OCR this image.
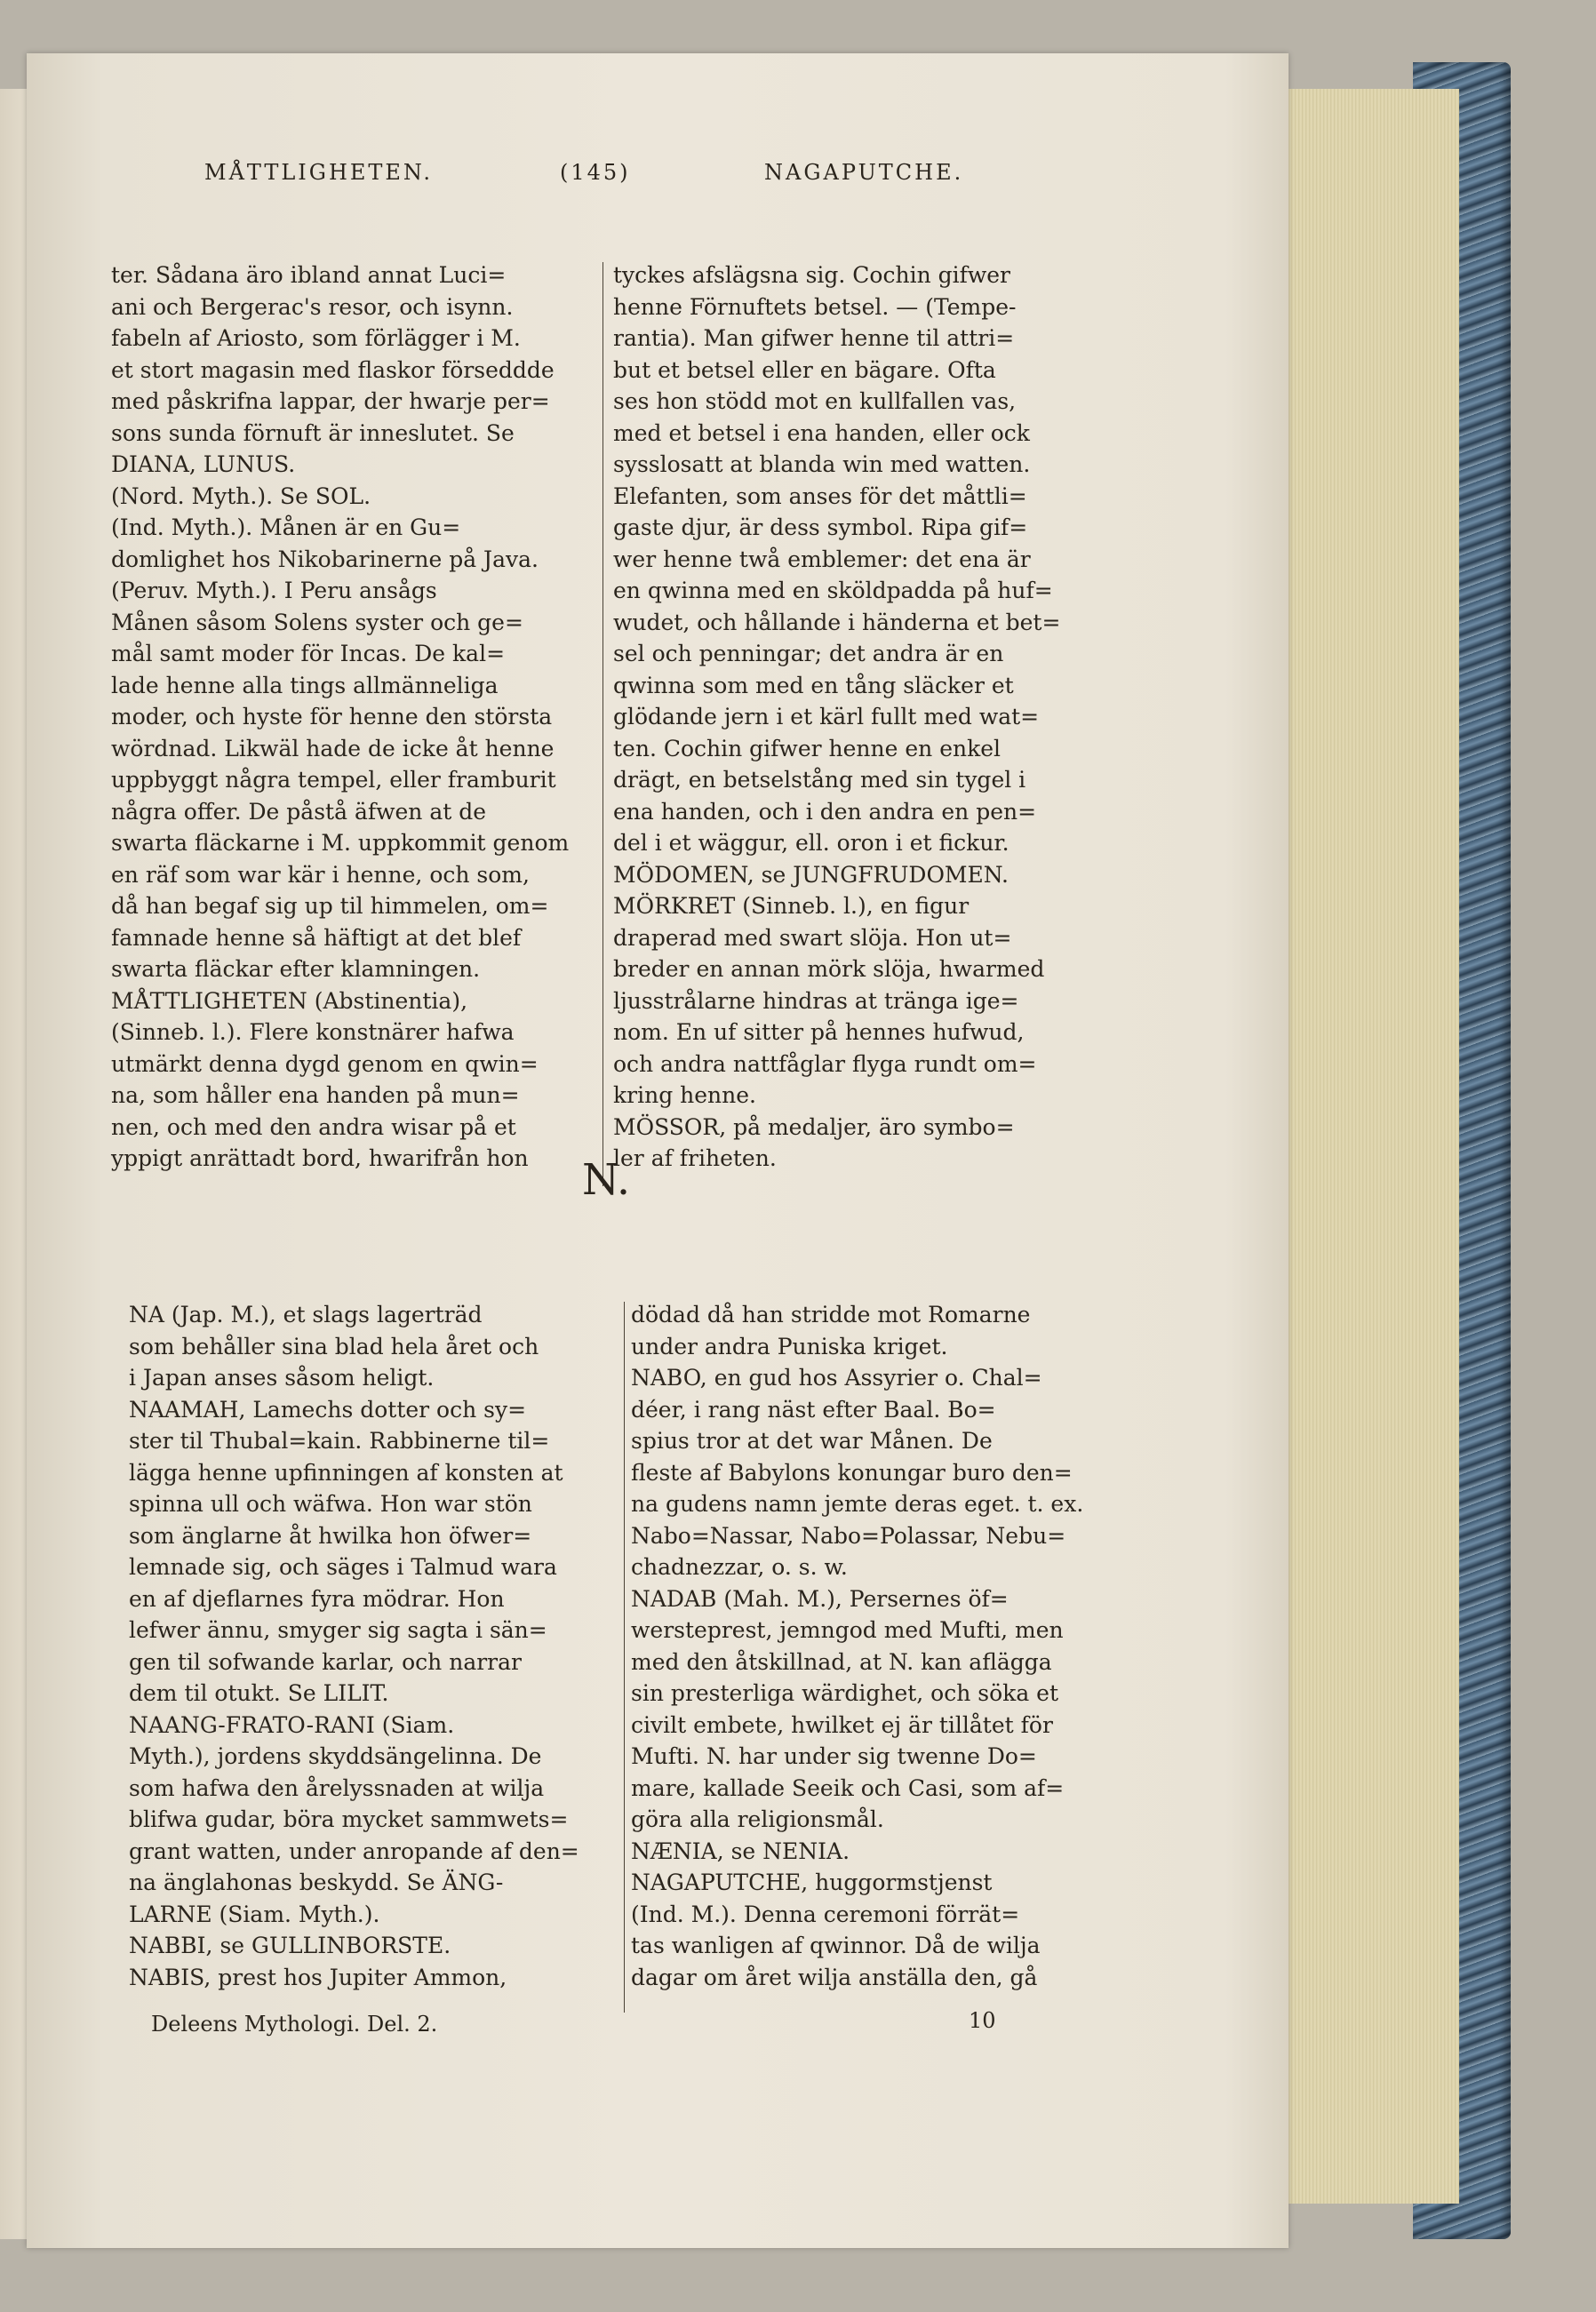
MÅTTLIGHETEN.	(145)	NAGAPUTCHE.

ter. Sådana äro ibland annat Luci=

ani och Bergerac's resor, och isynn.

fabeln af Ariosto, som förlägger i M.

et stort magasin med flaskor förseddde

med påskrifna lappar, der hwarje per=

sons sunda förnuft är inneslutet. Se

DIANA, LUNUS.

(Nord. Myth.). Se SOL.

(Ind. Myth.). Månen är en Gu=

domlighet hos Nikobarinerne på Java.

(Peruv. Myth.). I Peru ansågs

Månen såsom Solens syster och ge=

mål samt moder för Incas. De kal=

lade henne alla tings allmänneliga

moder, och hyste för henne den största

wördnad. Likwäl hade de icke åt henne

uppbyggt några tempel, eller framburit

några offer. De påstå äfwen at de

swarta fläckarne i M. uppkommit genom

en räf som war kär i henne, och som,

då han begaf sig up til himmelen, om=

famnade henne så häftigt at det blef

swarta fläckar efter klamningen.

MÅTTLIGHETEN (Abstinentia),

(Sinneb. l.). Flere konstnärer hafwa

utmärkt denna dygd genom en qwin=

na, som håller ena handen på mun=

nen, och med den andra wisar på et

yppigt anrättadt bord, hwarifrån hon

tyckes afslägsna sig. Cochin gifwer

henne Förnuftets betsel. — (Tempe-

rantia). Man gifwer henne til attri=

but et betsel eller en bägare. Ofta

ses hon stödd mot en kullfallen vas,

med et betsel i ena handen, eller ock

sysslosatt at blanda win med watten.

Elefanten, som anses för det måttli=

gaste djur, är dess symbol. Ripa gif=

wer henne twå emblemer: det ena är

en qwinna med en sköldpadda på huf=

wudet, och hållande i händerna et bet=

sel och penningar; det andra är en

qwinna som med en tång släcker et

glödande jern i et kärl fullt med wat=

ten. Cochin gifwer henne en enkel

drägt, en betselstång med sin tygel i

ena handen, och i den andra en pen=

del i et wäggur, ell. oron i et fickur.

MÖDOMEN, se JUNGFRUDOMEN.

MÖRKRET (Sinneb. l.), en figur

draperad med swart slöja. Hon ut=

breder en annan mörk slöja, hwarmed

ljusstrålarne hindras at tränga ige=

nom. En uf sitter på hennes hufwud,

och andra nattfåglar flyga rundt om=

kring henne.

MÖSSOR, på medaljer, äro symbo=

ler af friheten.

N.

NA (Jap. M.), et slags lagerträd

som behåller sina blad hela året och

i Japan anses såsom heligt.

NAAMAH, Lamechs dotter och sy=

ster til Thubal=kain. Rabbinerne til=

lägga henne upfinningen af konsten at

spinna ull och wäfwa. Hon war stön

som änglarne åt hwilka hon öfwer=

lemnade sig, och säges i Talmud wara

en af djeflarnes fyra mödrar. Hon

lefwer ännu, smyger sig sagta i sän=

gen til sofwande karlar, och narrar

dem til otukt. Se LILIT.

NAANG-FRATO-RANI (Siam.

Myth.), jordens skyddsängelinna. De

som hafwa den årelyssnaden at wilja

blifwa gudar, böra mycket sammwets=

grant watten, under anropande af den=

na änglahonas beskydd. Se ÄNG-

LARNE (Siam. Myth.).

NABBI, se GULLINBORSTE.

NABIS, prest hos Jupiter Ammon,

dödad då han stridde mot Romarne

under andra Puniska kriget.

NABO, en gud hos Assyrier o. Chal=

déer, i rang näst efter Baal. Bo=

spius tror at det war Månen. De

fleste af Babylons konungar buro den=

na gudens namn jemte deras eget. t. ex.

Nabo=Nassar, Nabo=Polassar, Nebu=

chadnezzar, o. s. w.

NADAB (Mah. M.), Persernes öf=

wersteprest, jemngod med Mufti, men

med den åtskillnad, at N. kan aflägga

sin presterliga wärdighet, och söka et

civilt embete, hwilket ej är tillåtet för

Mufti. N. har under sig twenne Do=

mare, kallade Seeik och Casi, som af=

göra alla religionsmål.

NÆNIA, se NENIA.

NAGAPUTCHE, huggormstjenst

(Ind. M.). Denna ceremoni förrät=

tas wanligen af qwinnor. Då de wilja

dagar om året wilja anställa den, gå

Deleens Mythologi. Del. 2.	10
